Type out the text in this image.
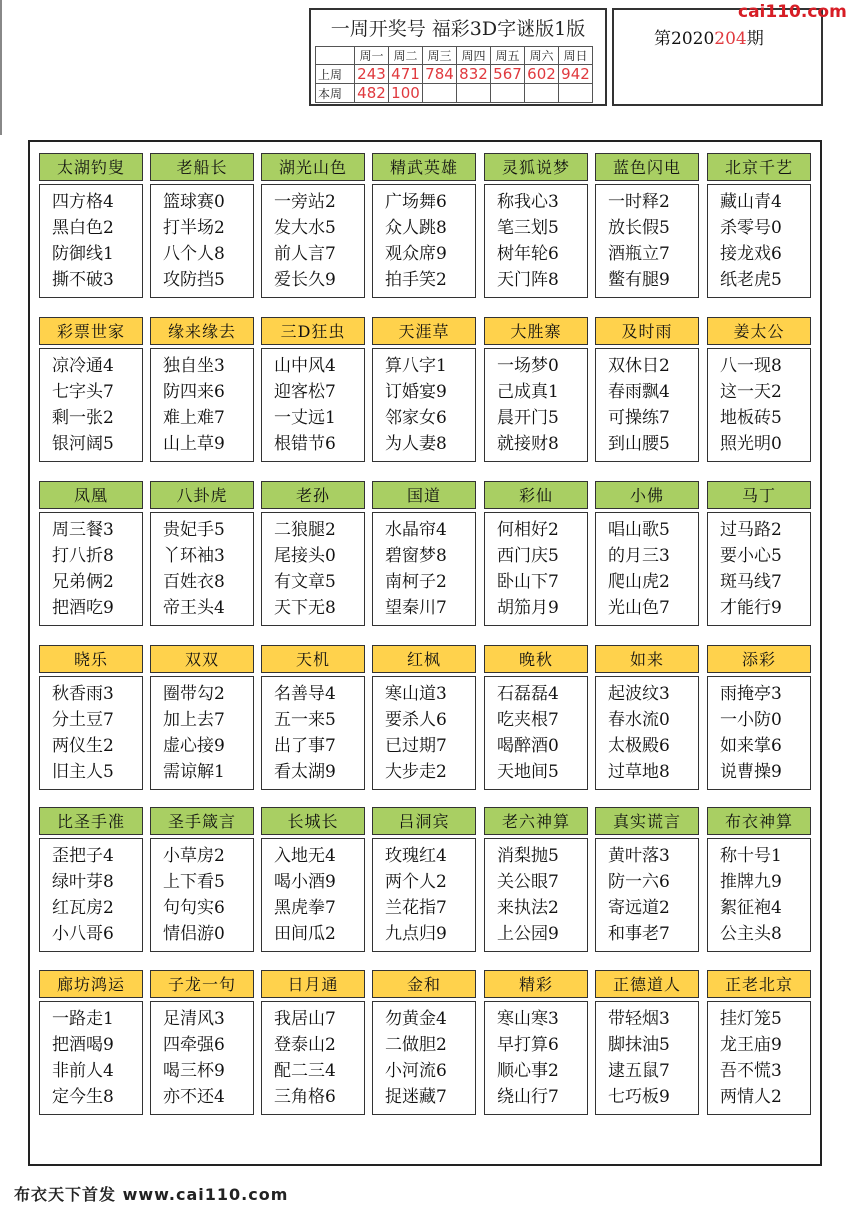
一周开奖号 福彩3D字谜版1版
	周一	周二	周三	周四	周五	周六	周日
上周	243	471	784	832	567	602	942
本周	482	100					
第2020204期
cai110.com
太湖钓叟
四方格4
黑白色2
防御线1
撕不破3
老船长
篮球赛0
打半场2
八个人8
攻防挡5
湖光山色
一旁站2
发大水5
前人言7
爱长久9
精武英雄
广场舞6
众人跳8
观众席9
拍手笑2
灵狐说梦
称我心3
笔三划5
树年轮6
天门阵8
蓝色闪电
一时释2
放长假5
酒瓶立7
鳖有腿9
北京千艺
藏山青4
杀零号0
接龙戏6
纸老虎5
彩票世家
凉冷通4
七字头7
剩一张2
银河阔5
缘来缘去
独自坐3
防四来6
难上难7
山上草9
三D狂虫
山中风4
迎客松7
一丈远1
根错节6
天涯草
算八字1
订婚宴9
邻家女6
为人妻8
大胜寨
一场梦0
己成真1
晨开门5
就接财8
及时雨
双休日2
春雨飘4
可操练7
到山腰5
姜太公
八一现8
这一天2
地板砖5
照光明0
凤凰
周三餐3
打八折8
兄弟俩2
把酒吃9
八卦虎
贵妃手5
丫环袖3
百姓衣8
帝王头4
老孙
二狼腿2
尾接头0
有文章5
天下无8
国道
水晶帘4
碧窗梦8
南柯子2
望秦川7
彩仙
何相好2
西门庆5
卧山下7
胡笳月9
小佛
唱山歌5
的月三3
爬山虎2
光山色7
马丁
过马路2
要小心5
斑马线7
才能行9
晓乐
秋香雨3
分土豆7
两仪生2
旧主人5
双双
圈带勾2
加上去7
虚心接9
需谅解1
天机
名善导4
五一来5
出了事7
看太湖9
红枫
寒山道3
要杀人6
已过期7
大步走2
晚秋
石磊磊4
吃夹根7
喝醉酒0
天地间5
如来
起波纹3
春水流0
太极殿6
过草地8
添彩
雨掩亭3
一小防0
如来掌6
说曹操9
比圣手准
歪把子4
绿叶芽8
红瓦房2
小八哥6
圣手箴言
小草房2
上下看5
句句实6
情侣游0
长城长
入地无4
喝小酒9
黑虎拳7
田间瓜2
吕洞宾
玫瑰红4
两个人2
兰花指7
九点归9
老六神算
消梨抛5
关公眼7
来执法2
上公园9
真实谎言
黄叶落3
防一六6
寄远道2
和事老7
布衣神算
称十号1
推牌九9
絮征袍4
公主头8
廊坊鸿运
一路走1
把酒喝9
非前人4
定今生8
子龙一句
足清风3
四牵强6
喝三杯9
亦不还4
日月通
我居山7
登泰山2
配二三4
三角格6
金和
勿黄金4
二做胆2
小河流6
捉迷藏7
精彩
寒山寒3
早打算6
顺心事2
绕山行7
正德道人
带轻烟3
脚抹油5
逮五鼠7
七巧板9
正老北京
挂灯笼5
龙王庙9
吾不慌3
两情人2
布衣天下首发 www.cai110.com
